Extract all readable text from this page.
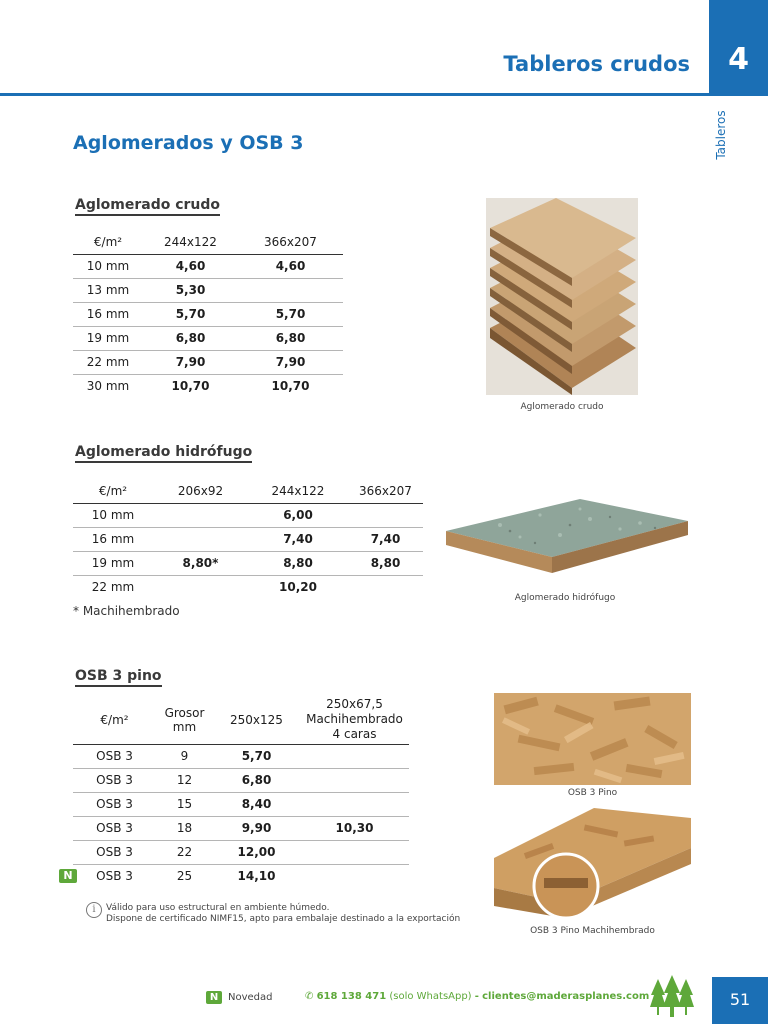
Tableros crudos	4
Tableros
Aglomerados y OSB 3
Aglomerado crudo
€/m²	244x122	366x207
10 mm	4,60	4,60
13 mm	5,30	
16 mm	5,70	5,70
19 mm	6,80	6,80
22 mm	7,90	7,90
30 mm	10,70	10,70
Aglomerado crudo
Aglomerado hidrófugo
€/m²	206x92	244x122	366x207
10 mm		6,00	
16 mm		7,40	7,40
19 mm	8,80*	8,80	8,80
22 mm		10,20	
* Machihembrado
Aglomerado hidrófugo
OSB 3 pino
€/m²	Grosor mm	250x125	250x67,5 Machihembrado 4 caras
OSB 3	9	5,70	
OSB 3	12	6,80	
OSB 3	15	8,40	
OSB 3	18	9,90	10,30
OSB 3	22	12,00	
OSB 3	25	14,10	
N
i	Válido para uso estructural en ambiente húmedo.
Dispone de certificado NIMF15, apto para embalaje destinado a la exportación
OSB 3 Pino
OSB 3 Pino Machihembrado
N Novedad	✆ 618 138 471 (solo WhatsApp) - clientes@maderasplanes.com	51
